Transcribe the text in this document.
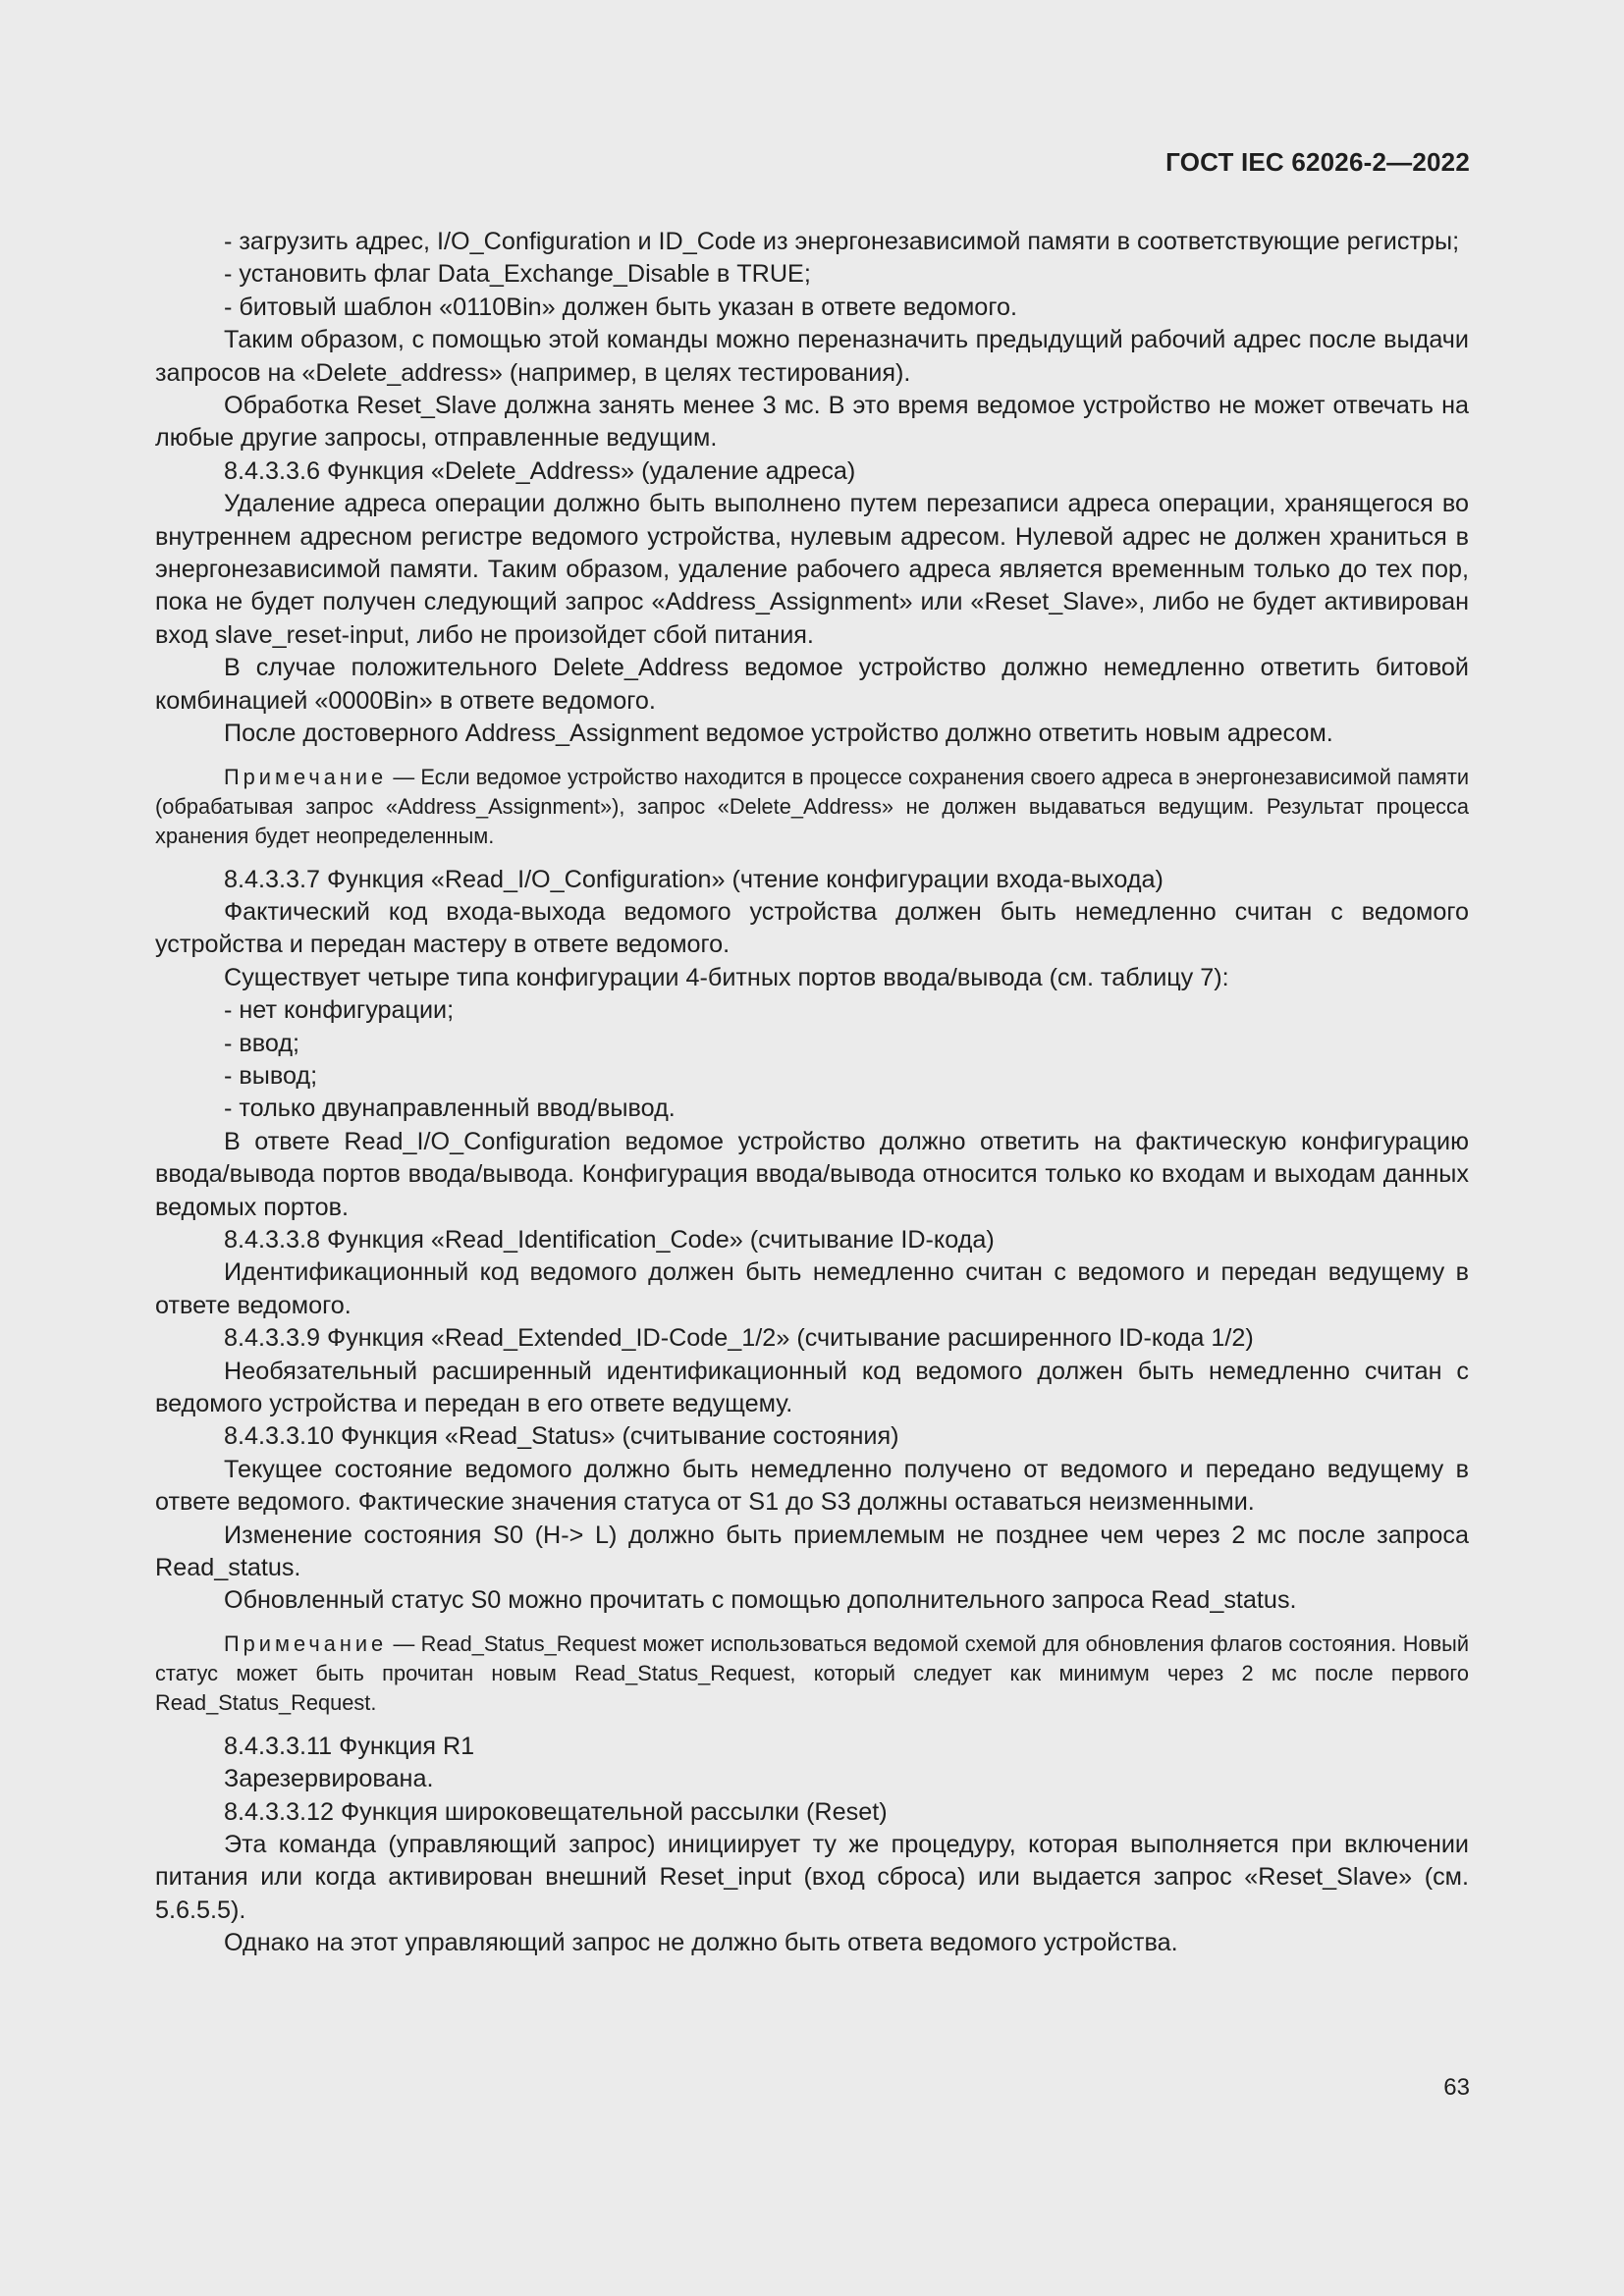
ГОСТ IEC 62026-2—2022

- загрузить адрес, I/O_Configuration и ID_Code из энергонезависимой памяти в соответствующие регистры;

- установить флаг Data_Exchange_Disable в TRUE;

- битовый шаблон «0110Bin» должен быть указан в ответе ведомого.

Таким образом, с помощью этой команды можно переназначить предыдущий рабочий адрес после выдачи запросов на «Delete_address» (например, в целях тестирования).

Обработка Reset_Slave должна занять менее 3 мс. В это время ведомое устройство не может отвечать на любые другие запросы, отправленные ведущим.

8.4.3.3.6 Функция «Delete_Address» (удаление адреса)

Удаление адреса операции должно быть выполнено путем перезаписи адреса операции, хранящегося во внутреннем адресном регистре ведомого устройства, нулевым адресом. Нулевой адрес не должен храниться в энергонезависимой памяти. Таким образом, удаление рабочего адреса является временным только до тех пор, пока не будет получен следующий запрос «Address_Assignment» или «Reset_Slave», либо не будет активирован вход slave_reset-input, либо не произойдет сбой питания.

В случае положительного Delete_Address ведомое устройство должно немедленно ответить битовой комбинацией «0000Bin» в ответе ведомого.

После достоверного Address_Assignment ведомое устройство должно ответить новым адресом.

Примечание — Если ведомое устройство находится в процессе сохранения своего адреса в энергонезависимой памяти (обрабатывая запрос «Address_Assignment»), запрос «Delete_Address» не должен выдаваться ведущим. Результат процесса хранения будет неопределенным.

8.4.3.3.7 Функция «Read_I/O_Configuration» (чтение конфигурации входа-выхода)

Фактический код входа-выхода ведомого устройства должен быть немедленно считан с ведомого устройства и передан мастеру в ответе ведомого.

Существует четыре типа конфигурации 4-битных портов ввода/вывода (см. таблицу 7):

- нет конфигурации;

- ввод;

- вывод;

- только двунаправленный ввод/вывод.

В ответе Read_I/O_Configuration ведомое устройство должно ответить на фактическую конфигурацию ввода/вывода портов ввода/вывода. Конфигурация ввода/вывода относится только ко входам и выходам данных ведомых портов.

8.4.3.3.8 Функция «Read_Identification_Code» (считывание ID-кода)

Идентификационный код ведомого должен быть немедленно считан с ведомого и передан ведущему в ответе ведомого.

8.4.3.3.9 Функция «Read_Extended_ID-Code_1/2» (считывание расширенного ID-кода 1/2)

Необязательный расширенный идентификационный код ведомого должен быть немедленно считан с ведомого устройства и передан в его ответе ведущему.

8.4.3.3.10 Функция «Read_Status» (считывание состояния)

Текущее состояние ведомого должно быть немедленно получено от ведомого и передано ведущему в ответе ведомого. Фактические значения статуса от S1 до S3 должны оставаться неизменными.

Изменение состояния S0 (H-> L) должно быть приемлемым не позднее чем через 2 мс после запроса Read_status.

Обновленный статус S0 можно прочитать с помощью дополнительного запроса Read_status.

Примечание — Read_Status_Request может использоваться ведомой схемой для обновления флагов состояния. Новый статус может быть прочитан новым Read_Status_Request, который следует как минимум через 2 мс после первого Read_Status_Request.

8.4.3.3.11 Функция R1

Зарезервирована.

8.4.3.3.12 Функция широковещательной рассылки (Reset)

Эта команда (управляющий запрос) инициирует ту же процедуру, которая выполняется при включении питания или когда активирован внешний Reset_input (вход сброса) или выдается запрос «Reset_Slave» (см. 5.6.5.5).

Однако на этот управляющий запрос не должно быть ответа ведомого устройства.

63
